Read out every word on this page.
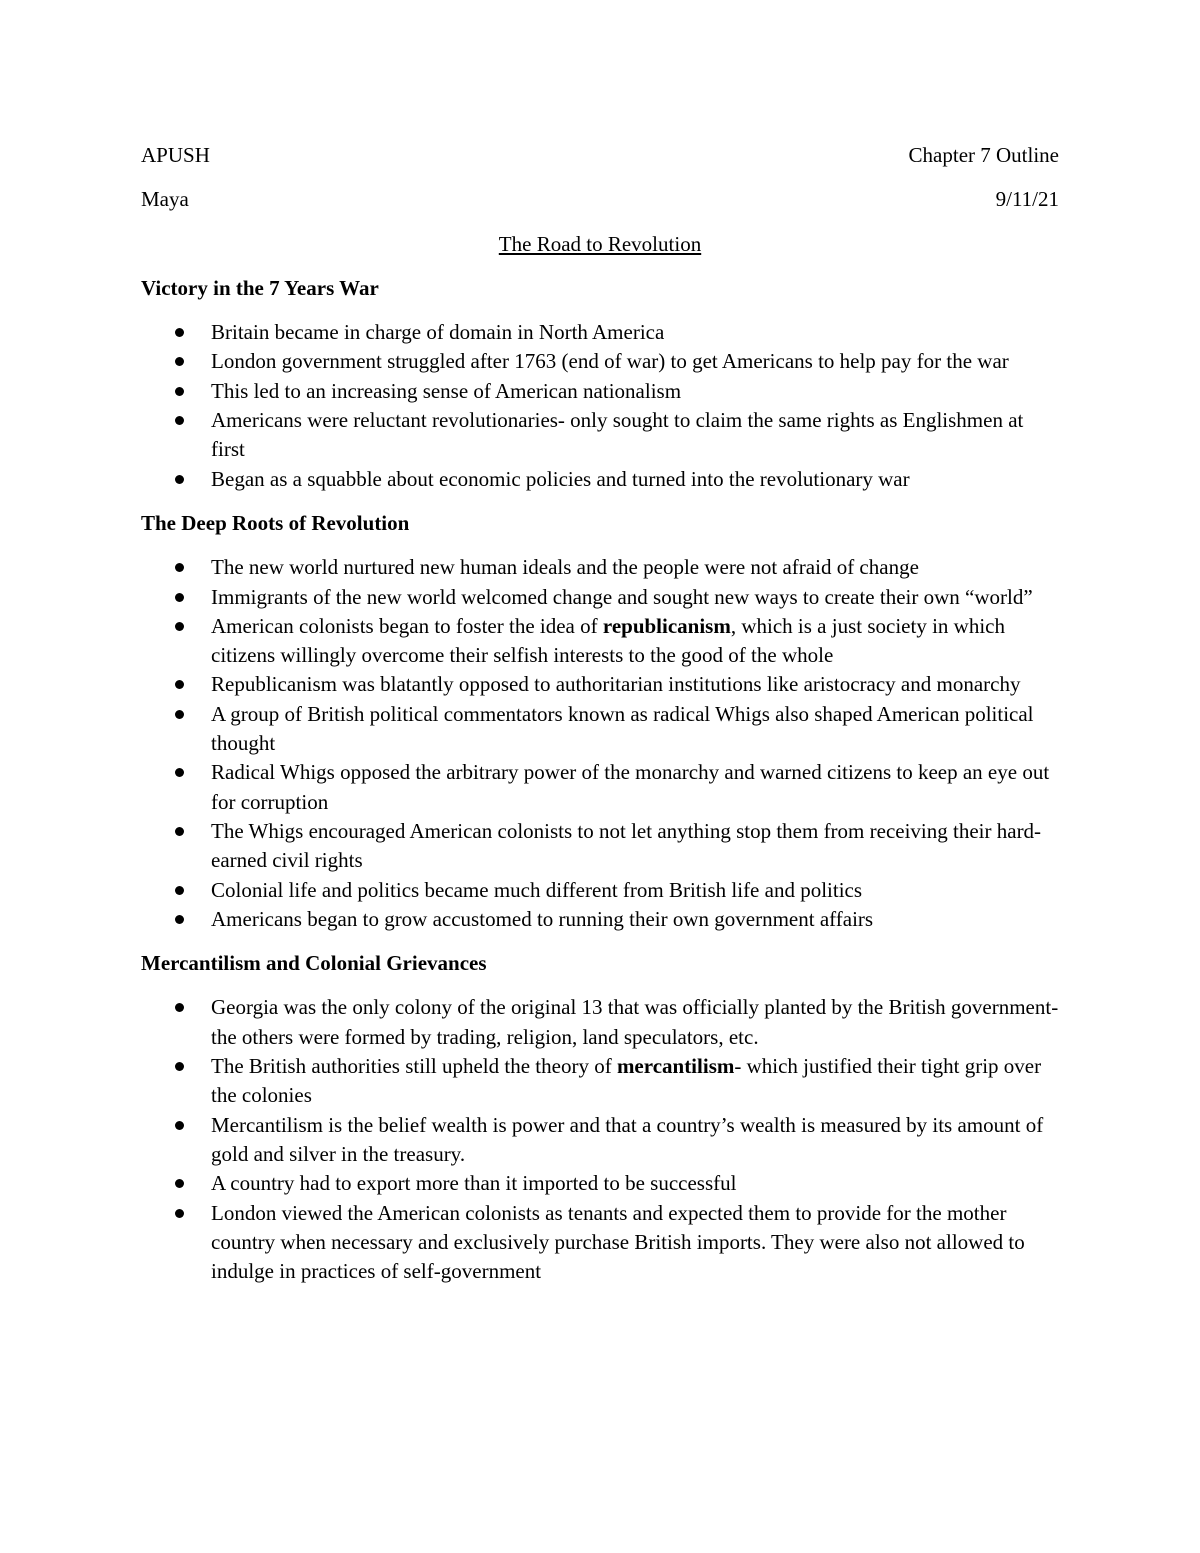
APUSH	Chapter 7 Outline
Maya	9/11/21
The Road to Revolution
Victory in the 7 Years War
Britain became in charge of domain in North America
London government struggled after 1763 (end of war) to get Americans to help pay for the war
This led to an increasing sense of American nationalism
Americans were reluctant revolutionaries- only sought to claim the same rights as Englishmen at first
Began as a squabble about economic policies and turned into the revolutionary war
The Deep Roots of Revolution
The new world nurtured new human ideals and the people were not afraid of change
Immigrants of the new world welcomed change and sought new ways to create their own “world”
American colonists began to foster the idea of republicanism, which is a just society in which citizens willingly overcome their selfish interests to the good of the whole
Republicanism was blatantly opposed to authoritarian institutions like aristocracy and monarchy
A group of British political commentators known as radical Whigs also shaped American political thought
Radical Whigs opposed the arbitrary power of the monarchy and warned citizens to keep an eye out for corruption
The Whigs encouraged American colonists to not let anything stop them from receiving their hard-earned civil rights
Colonial life and politics became much different from British life and politics
Americans began to grow accustomed to running their own government affairs
Mercantilism and Colonial Grievances
Georgia was the only colony of the original 13 that was officially planted by the British government- the others were formed by trading, religion, land speculators, etc.
The British authorities still upheld the theory of mercantilism- which justified their tight grip over the colonies
Mercantilism is the belief wealth is power and that a country’s wealth is measured by its amount of gold and silver in the treasury.
A country had to export more than it imported to be successful
London viewed the American colonists as tenants and expected them to provide for the mother country when necessary and exclusively purchase British imports. They were also not allowed to indulge in practices of self-government
